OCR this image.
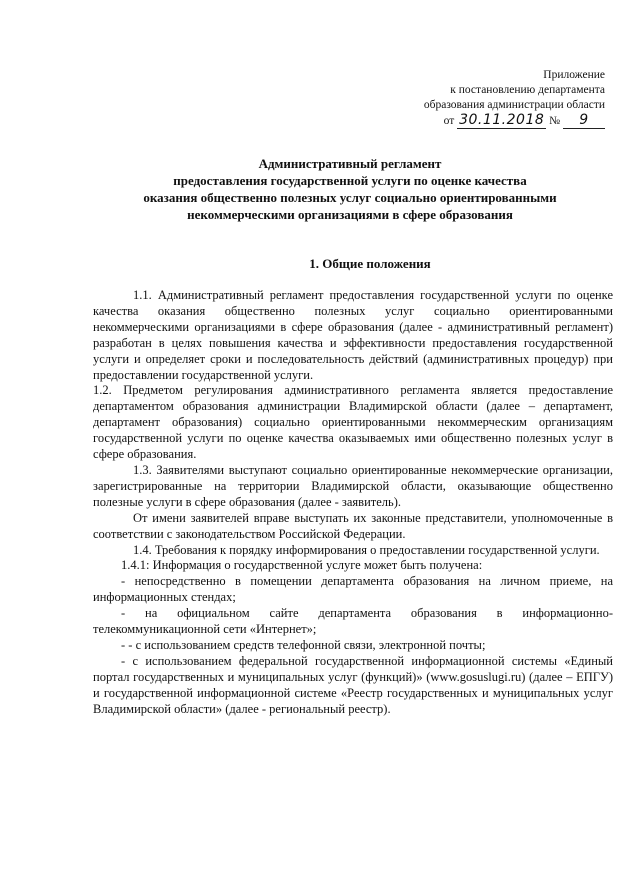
Приложение
к постановлению департамента
образования администрации области
от 30.11.2018 № 9
Административный регламент
предоставления государственной услуги по оценке качества
оказания общественно полезных услуг социально ориентированными
некоммерческими организациями в сфере образования
1. Общие положения

1.1. Административный регламент предоставления государственной услуги по оценке качества оказания общественно полезных услуг социально ориентированными некоммерческими организациями в сфере образования (далее - административный регламент) разработан в целях повышения качества и эффективности предоставления государственной услуги и определяет сроки и последовательность действий (административных процедур) при предоставлении государственной услуги.

1.2. Предметом регулирования административного регламента является предоставление департаментом образования администрации Владимирской области (далее – департамент, департамент образования) социально ориентированными некоммерческим организациям государственной услуги по оценке качества оказываемых ими общественно полезных услуг в сфере образования.

1.3. Заявителями выступают социально ориентированные некоммерческие организации, зарегистрированные на территории Владимирской области, оказывающие общественно полезные услуги в сфере образования (далее - заявитель).

От имени заявителей вправе выступать их законные представители, уполномоченные в соответствии с законодательством Российской Федерации.

1.4. Требования к порядку информирования о предоставлении государственной услуги.

1.4.1: Информация о государственной услуге может быть получена:

- непосредственно в помещении департамента образования на личном приеме, на информационных стендах;

- на официальном сайте департамента образования в информационно-телекоммуникационной сети «Интернет»;

- - с использованием средств телефонной связи, электронной почты;

- с использованием федеральной государственной информационной системы «Единый портал государственных и муниципальных услуг (функций)» (www.gosuslugi.ru) (далее – ЕПГУ) и государственной информационной системе «Реестр государственных и муниципальных услуг Владимирской области» (далее - региональный реестр).
